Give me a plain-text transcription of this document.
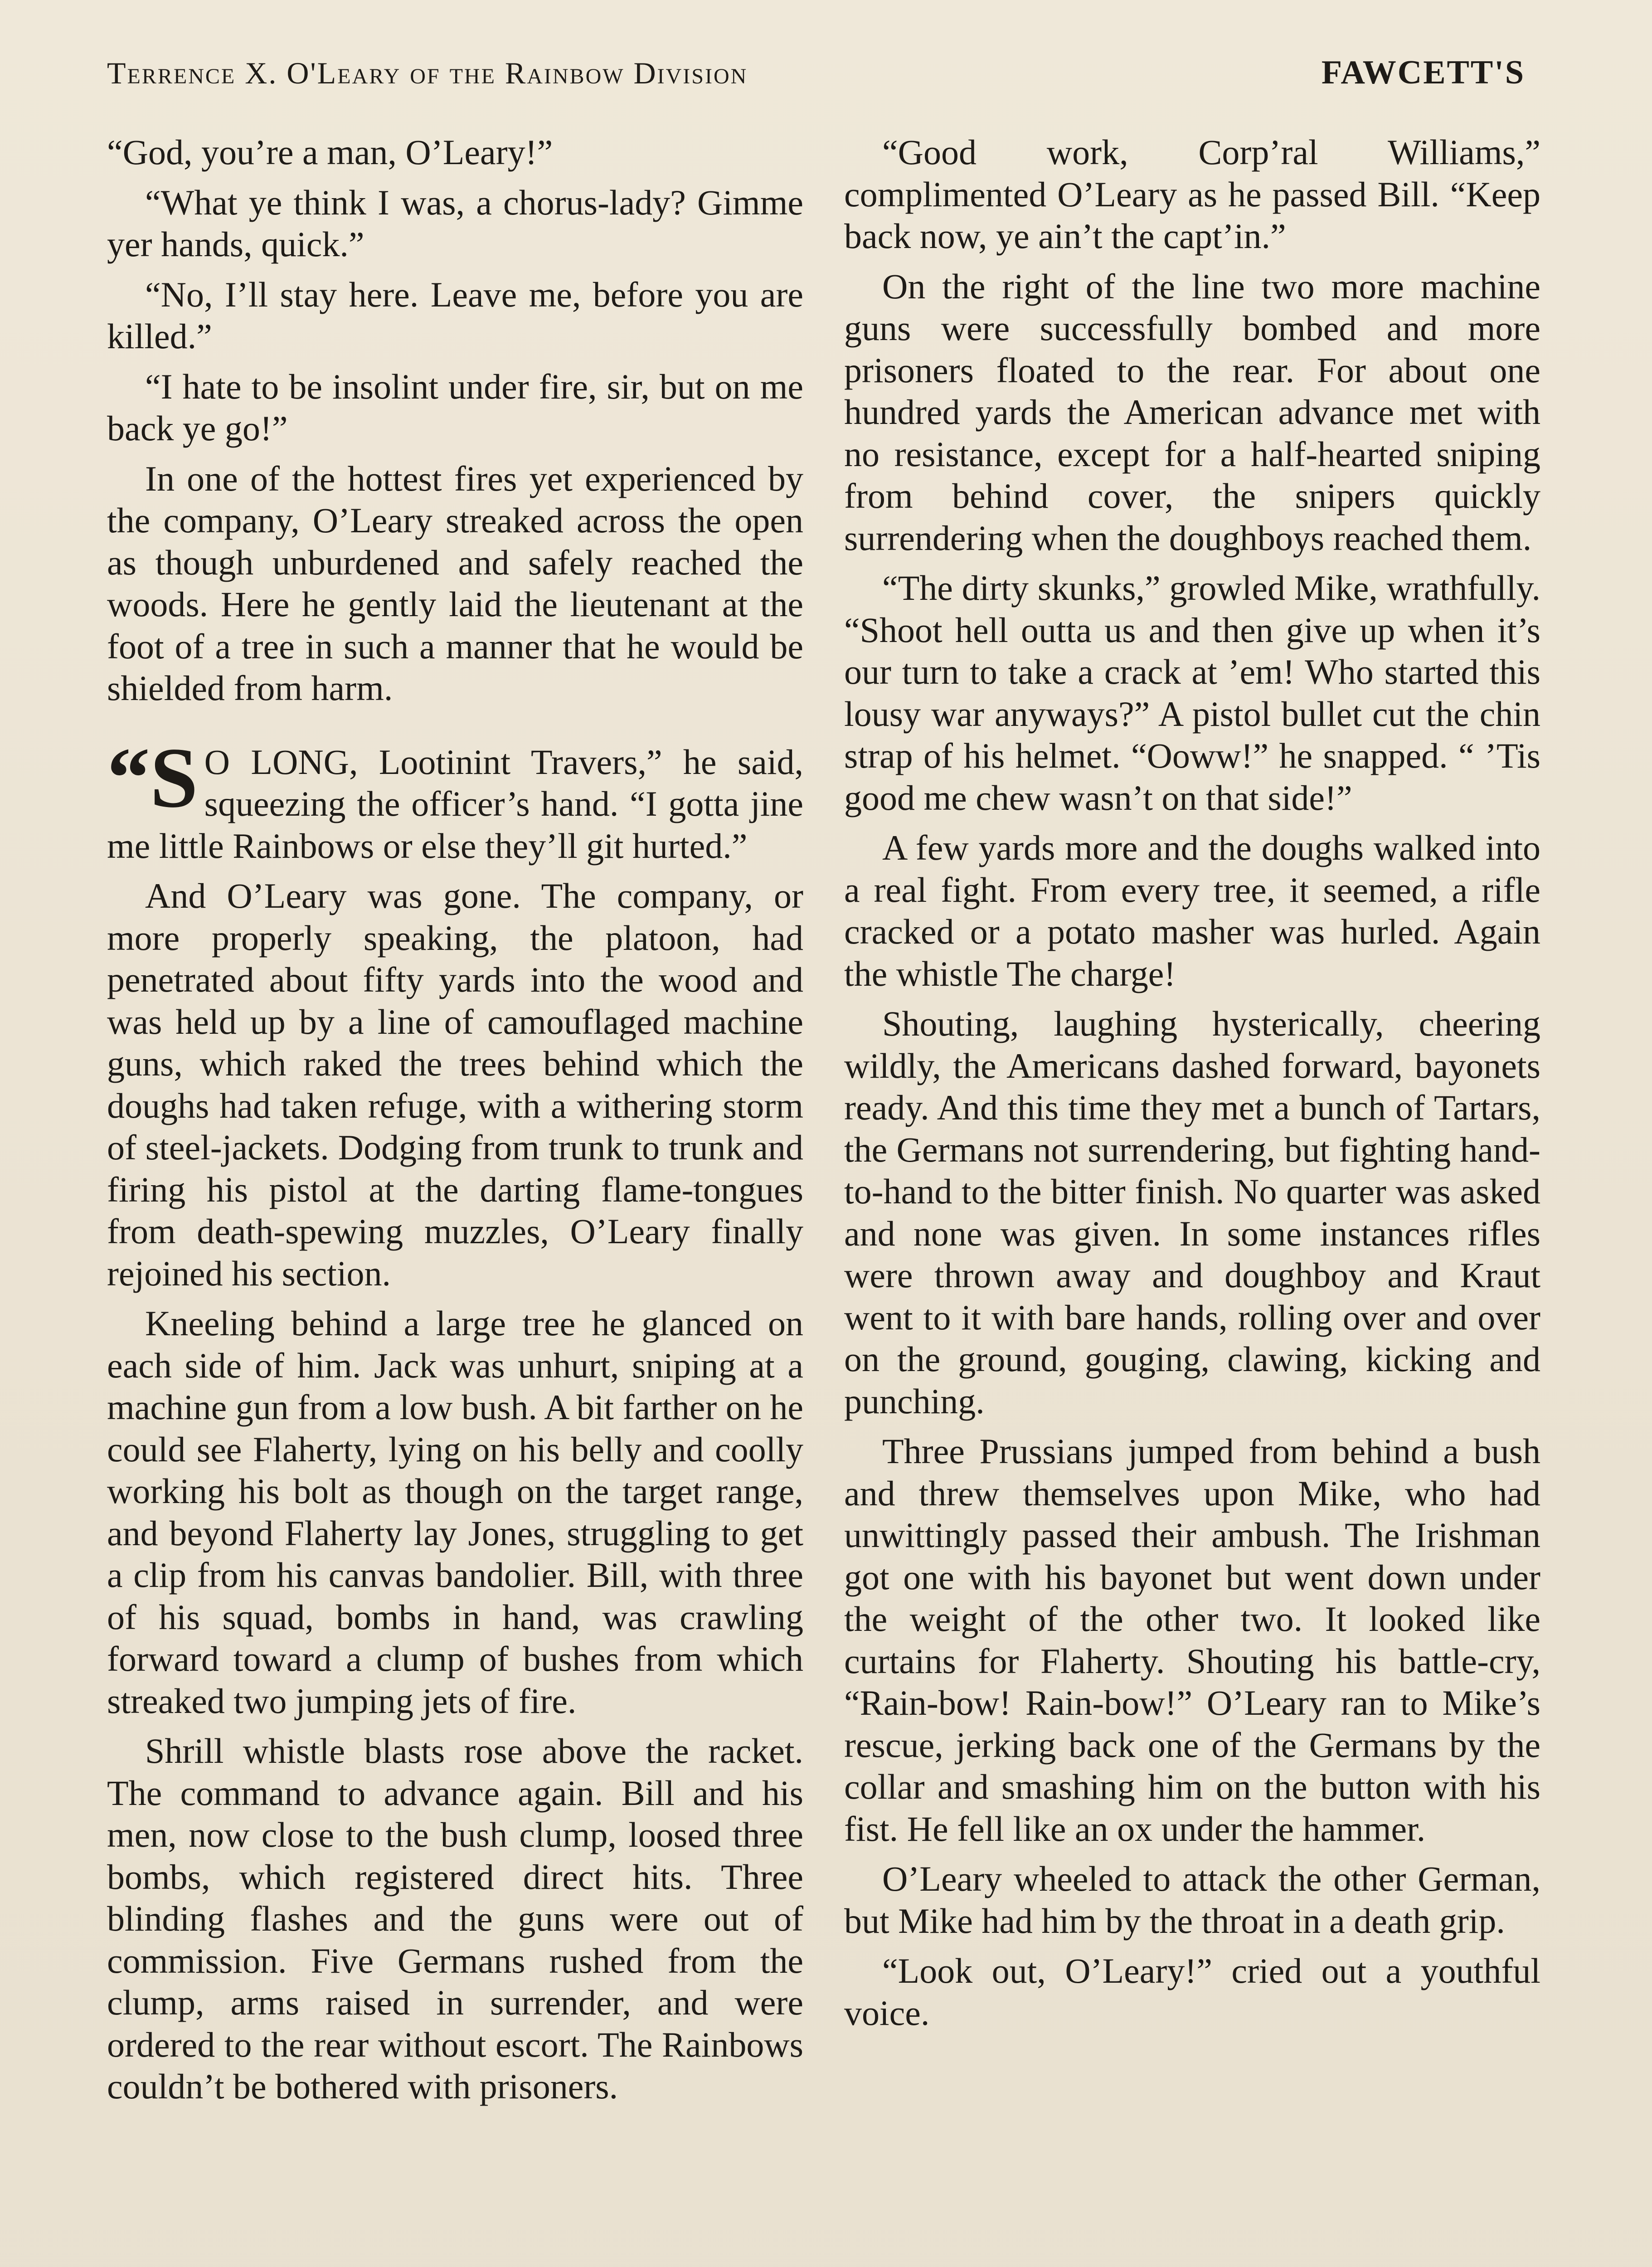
Terrence X. O'Leary of the Rainbow Division	FAWCETT'S

“God, you’re a man, O’Leary!”

“What ye think I was, a chorus-lady? Gimme yer hands, quick.”

“No, I’ll stay here. Leave me, before you are killed.”

“I hate to be insolint under fire, sir, but on me back ye go!”

In one of the hottest fires yet experienced by the company, O’Leary streaked across the open as though unburdened and safely reached the woods. Here he gently laid the lieutenant at the foot of a tree in such a manner that he would be shielded from harm.

“S O LONG, Lootinint Travers,” he said, squeezing the officer’s hand. “I gotta jine me little Rainbows or else they’ll git hurted.”

And O’Leary was gone. The company, or more properly speaking, the platoon, had penetrated about fifty yards into the wood and was held up by a line of camouflaged machine guns, which raked the trees behind which the doughs had taken refuge, with a withering storm of steel-jackets. Dodging from trunk to trunk and firing his pistol at the darting flame-tongues from death-spewing muzzles, O’Leary finally rejoined his section.

Kneeling behind a large tree he glanced on each side of him. Jack was unhurt, sniping at a machine gun from a low bush. A bit farther on he could see Flaherty, lying on his belly and coolly working his bolt as though on the target range, and beyond Flaherty lay Jones, struggling to get a clip from his canvas bandolier. Bill, with three of his squad, bombs in hand, was crawling forward toward a clump of bushes from which streaked two jumping jets of fire.

Shrill whistle blasts rose above the racket. The command to advance again. Bill and his men, now close to the bush clump, loosed three bombs, which registered direct hits. Three blinding flashes and the guns were out of commission. Five Germans rushed from the clump, arms raised in surrender, and were ordered to the rear without escort. The Rainbows couldn’t be bothered with prisoners.

“Good work, Corp’ral Williams,” complimented O’Leary as he passed Bill. “Keep back now, ye ain’t the capt’in.”

On the right of the line two more machine guns were successfully bombed and more prisoners floated to the rear. For about one hundred yards the American advance met with no resistance, except for a half-hearted sniping from behind cover, the snipers quickly surrendering when the doughboys reached them.

“The dirty skunks,” growled Mike, wrathfully. “Shoot hell outta us and then give up when it’s our turn to take a crack at ’em! Who started this lousy war anyways?” A pistol bullet cut the chin strap of his helmet. “Ooww!” he snapped. “ ’Tis good me chew wasn’t on that side!”

A few yards more and the doughs walked into a real fight. From every tree, it seemed, a rifle cracked or a potato masher was hurled. Again the whistle The charge!

Shouting, laughing hysterically, cheering wildly, the Americans dashed forward, bayonets ready. And this time they met a bunch of Tartars, the Germans not surrendering, but fighting hand-to-hand to the bitter finish. No quarter was asked and none was given. In some instances rifles were thrown away and doughboy and Kraut went to it with bare hands, rolling over and over on the ground, gouging, clawing, kicking and punching.

Three Prussians jumped from behind a bush and threw themselves upon Mike, who had unwittingly passed their ambush. The Irishman got one with his bayonet but went down under the weight of the other two. It looked like curtains for Flaherty. Shouting his battle-cry, “Rain-bow! Rain-bow!” O’Leary ran to Mike’s rescue, jerking back one of the Germans by the collar and smashing him on the button with his fist. He fell like an ox under the hammer.

O’Leary wheeled to attack the other German, but Mike had him by the throat in a death grip.

“Look out, O’Leary!” cried out a youthful voice.
